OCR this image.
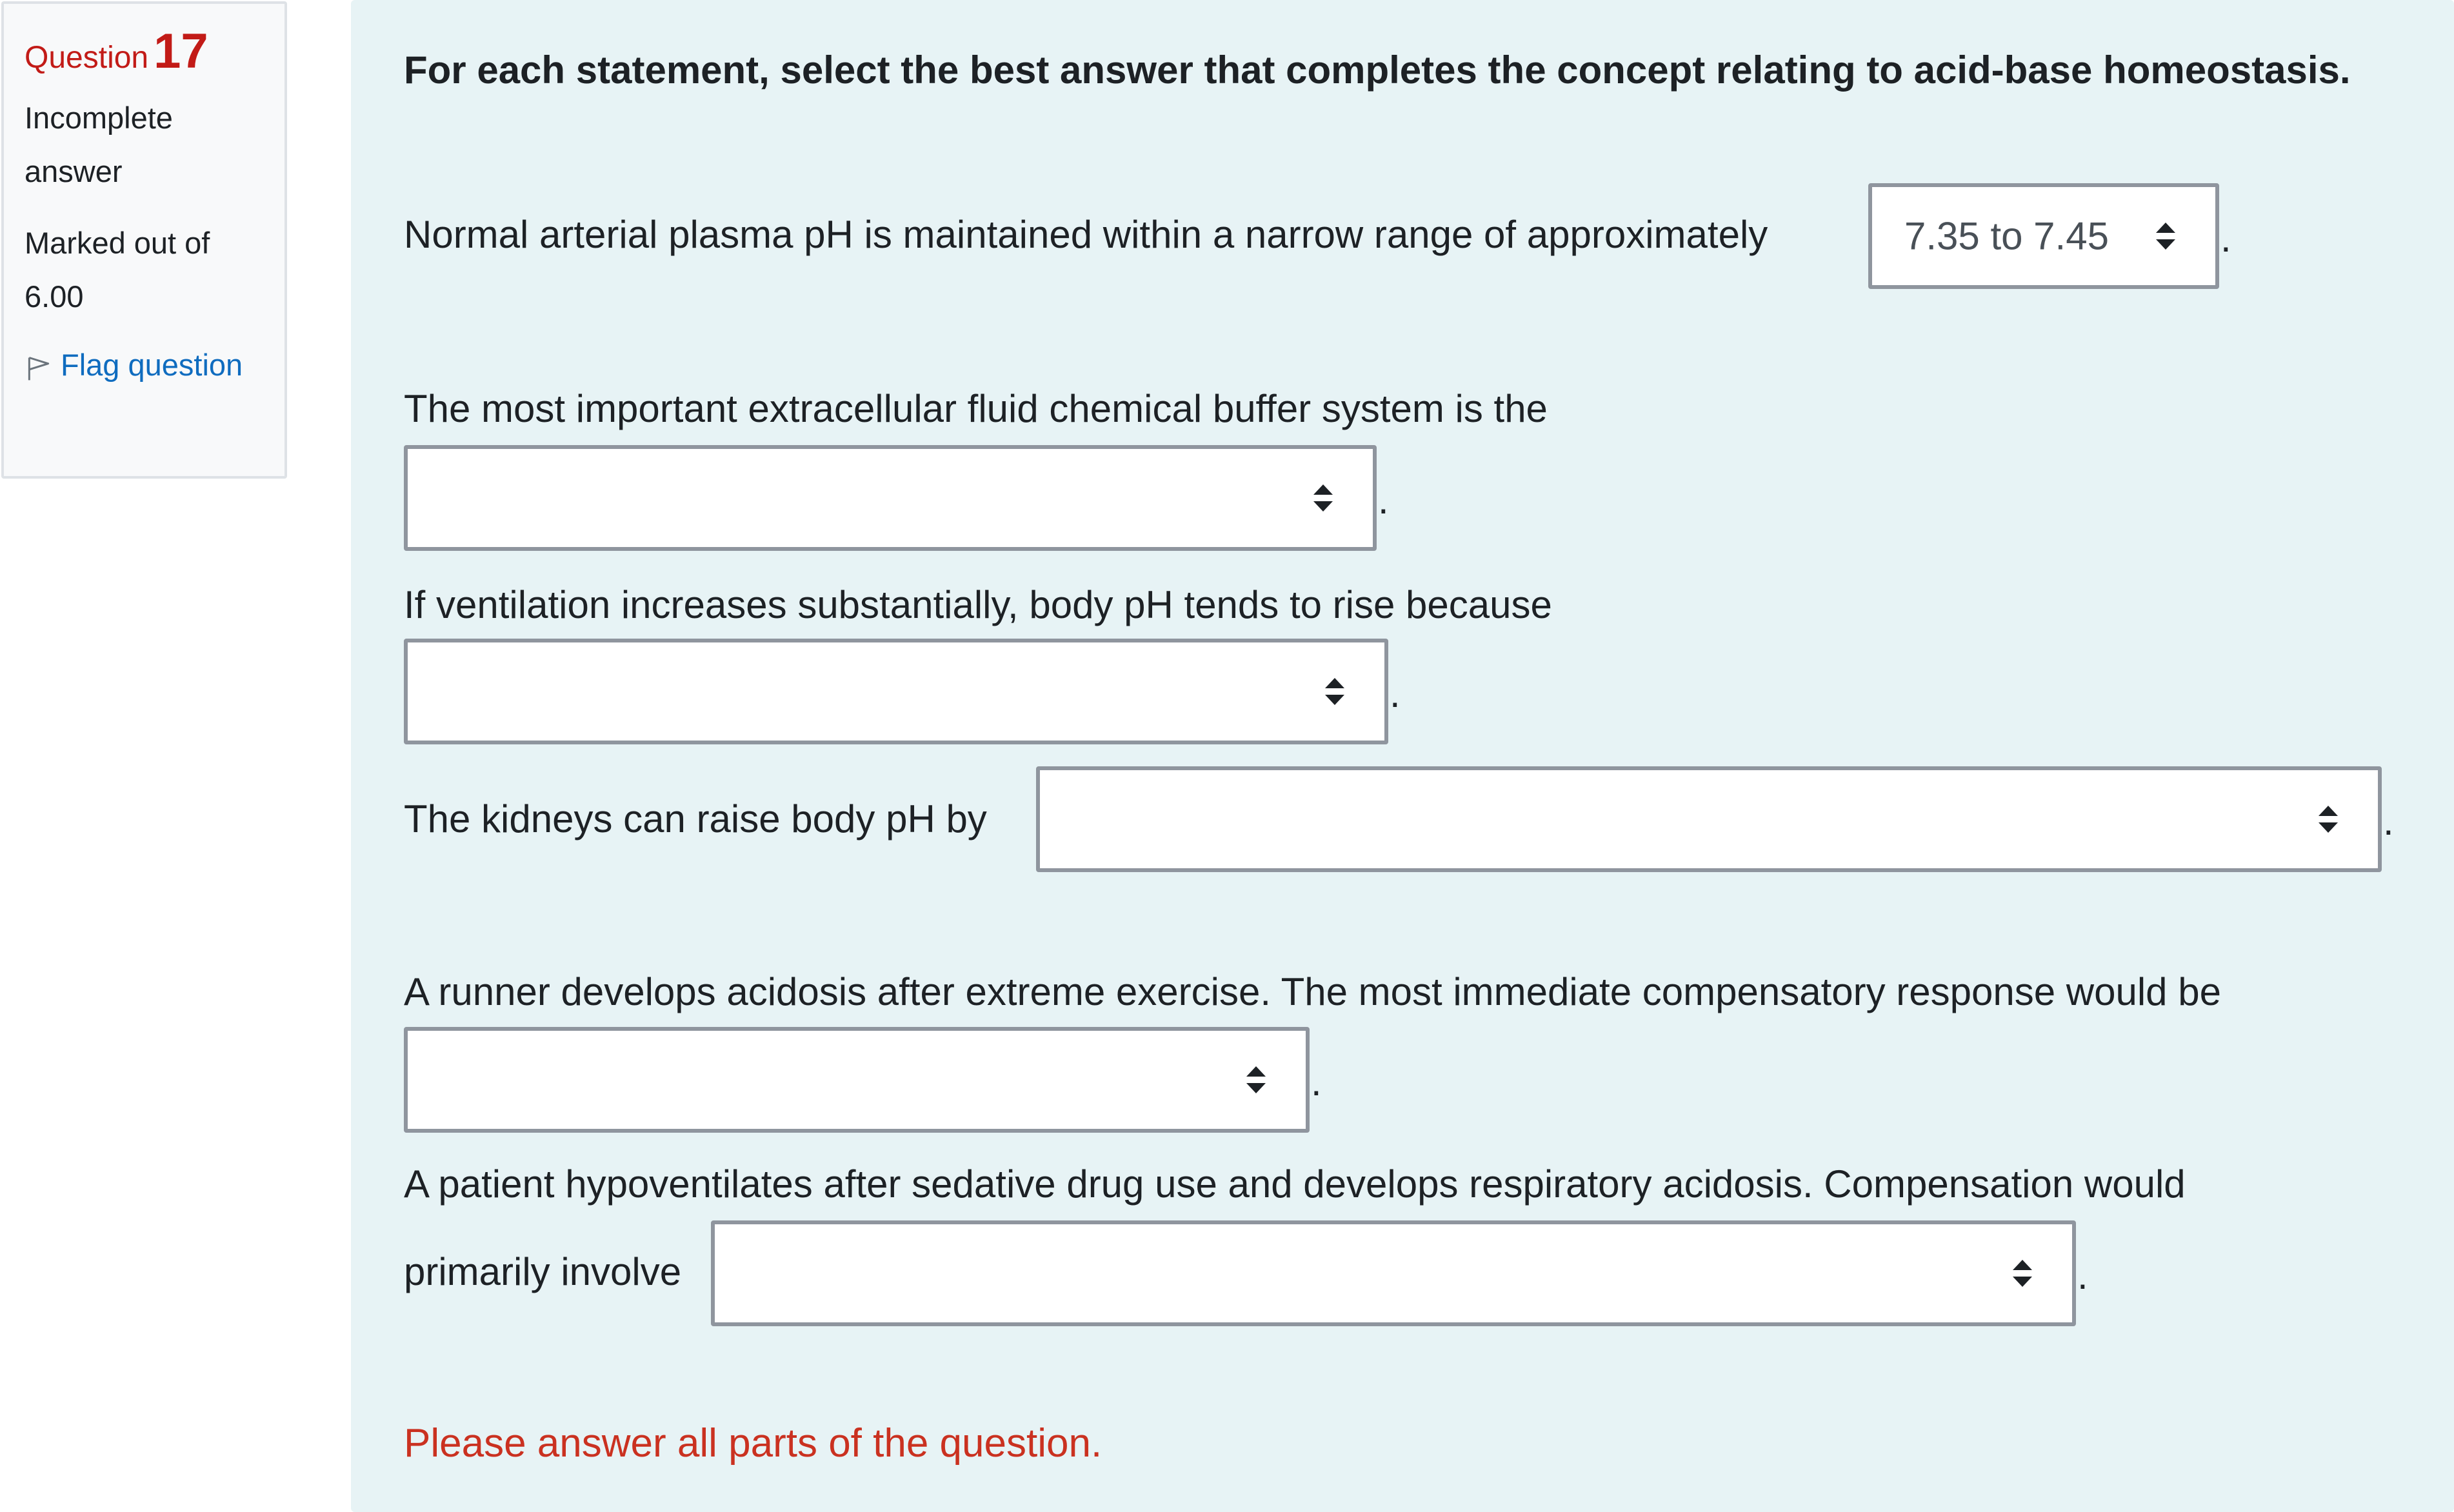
Question 17
Incomplete answer
Marked out of 6.00
Flag question
For each statement, select the best answer that completes the concept relating to acid-base homeostasis.
Normal arterial plasma pH is maintained within a narrow range of approximately	7.35 to 7.45	.
The most important extracellular fluid chemical buffer system is the
.
If ventilation increases substantially, body pH tends to rise because
.
The kidneys can raise body pH by	.
A runner develops acidosis after extreme exercise. The most immediate compensatory response would be
.
A patient hypoventilates after sedative drug use and develops respiratory acidosis. Compensation would
primarily involve	.
Please answer all parts of the question.
